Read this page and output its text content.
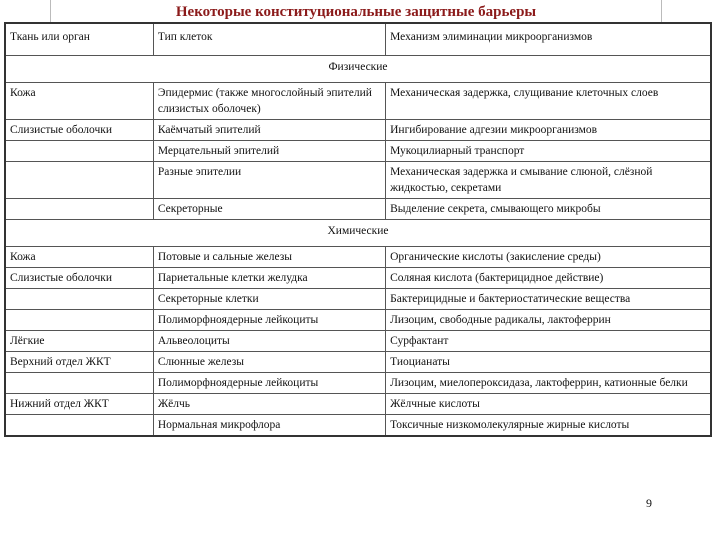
Некоторые конституциональные защитные барьеры
Ткань или орган	Тип клеток	Механизм элиминации микроорганизмов
Физические		
Кожа	Эпидермис (также многослойный эпителий слизистых оболочек)	Механическая задержка, слущивание клеточных слоев
Слизистые оболочки	Каёмчатый эпителий	Ингибирование адгезии микроорганизмов
	Мерцательный эпителий	Мукоцилиарный транспорт
	Разные эпителии	Механическая задержка и смывание слюной, слёзной жидкостью, секретами
	Секреторные	Выделение секрета, смывающего микробы
Химические		
Кожа	Потовые и сальные железы	Органические кислоты (закисление среды)
Слизистые оболочки	Париетальные клетки желудка	Соляная кислота (бактерицидное действие)
	Секреторные клетки	Бактерицидные и бактериостатические вещества
	Полиморфноядерные лейкоциты	Лизоцим, свободные радикалы, лактоферрин
Лёгкие	Альвеолоциты	Сурфактант
Верхний отдел ЖКТ	Слюнные железы	Тиоцианаты
	Полиморфноядерные лейкоциты	Лизоцим, миелопероксидаза, лактоферрин, катионные белки
Нижний отдел ЖКТ	Жёлчь	Жёлчные кислоты
	Нормальная микрофлора	Токсичные низкомолекулярные жирные кислоты
9
